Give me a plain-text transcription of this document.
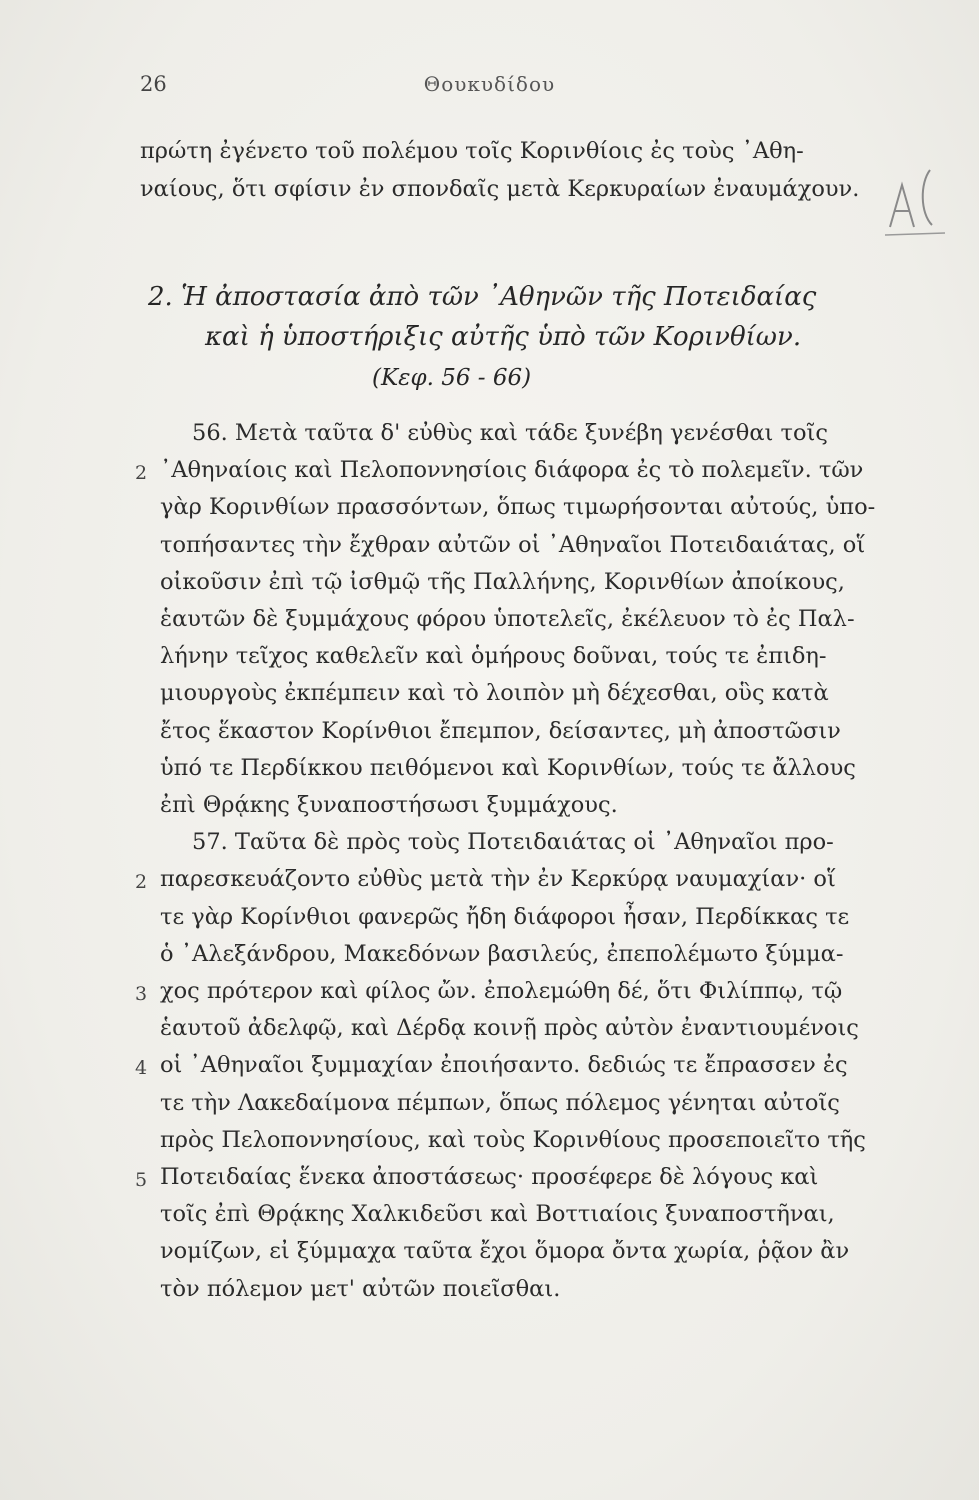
26	Θουκυδίδου
πρώτη ἐγένετο τοῦ πολέμου τοῖς Κορινθίοις ἐς τοὺς ᾿Αθη-
ναίους, ὅτι σφίσιν ἐν σπονδαῖς μετὰ Κερκυραίων ἐναυμάχουν.
2. Ἡ ἀποστασία ἀπὸ τῶν ᾿Αθηνῶν τῆς Ποτειδαίας
καὶ ἡ ὑποστήριξις αὐτῆς ὑπὸ τῶν Κορινθίων.
(Κεφ. 56 - 66)
56. Μετὰ ταῦτα δ' εὐθὺς καὶ τάδε ξυνέβη γενέσθαι τοῖς
2 ᾿Αθηναίοις καὶ Πελοποννησίοις διάφορα ἐς τὸ πολεμεῖν. τῶν
γὰρ Κορινθίων πρασσόντων, ὅπως τιμωρήσονται αὐτούς, ὑπο-
τοπήσαντες τὴν ἔχθραν αὐτῶν οἱ ᾿Αθηναῖοι Ποτειδαιάτας, οἵ
οἰκοῦσιν ἐπὶ τῷ ἰσθμῷ τῆς Παλλήνης, Κορινθίων ἀποίκους,
ἑαυτῶν δὲ ξυμμάχους φόρου ὑποτελεῖς, ἐκέλευον τὸ ἐς Παλ-
λήνην τεῖχος καθελεῖν καὶ ὁμήρους δοῦναι, τούς τε ἐπιδη-
μιουργοὺς ἐκπέμπειν καὶ τὸ λοιπὸν μὴ δέχεσθαι, οὓς κατὰ
ἔτος ἕκαστον Κορίνθιοι ἔπεμπον, δείσαντες, μὴ ἀποστῶσιν
ὑπό τε Περδίκκου πειθόμενοι καὶ Κορινθίων, τούς τε ἄλλους
ἐπὶ Θρᾴκης ξυναποστήσωσι ξυμμάχους.
57. Ταῦτα δὲ πρὸς τοὺς Ποτειδαιάτας οἱ ᾿Αθηναῖοι προ-
2 παρεσκευάζοντο εὐθὺς μετὰ τὴν ἐν Κερκύρᾳ ναυμαχίαν· οἵ
τε γὰρ Κορίνθιοι φανερῶς ἤδη διάφοροι ἦσαν, Περδίκκας τε
ὁ ᾿Αλεξάνδρου, Μακεδόνων βασιλεύς, ἐπεπολέμωτο ξύμμα-
3 χος πρότερον καὶ φίλος ὤν. ἐπολεμώθη δέ, ὅτι Φιλίππῳ, τῷ
ἑαυτοῦ ἀδελφῷ, καὶ Δέρδᾳ κοινῇ πρὸς αὐτὸν ἐναντιουμένοις
4 οἱ ᾿Αθηναῖοι ξυμμαχίαν ἐποιήσαντο. δεδιώς τε ἔπρασσεν ἐς
τε τὴν Λακεδαίμονα πέμπων, ὅπως πόλεμος γένηται αὐτοῖς
πρὸς Πελοποννησίους, καὶ τοὺς Κορινθίους προσεποιεῖτο τῆς
5 Ποτειδαίας ἕνεκα ἀποστάσεως· προσέφερε δὲ λόγους καὶ
τοῖς ἐπὶ Θρᾴκης Χαλκιδεῦσι καὶ Βοττιαίοις ξυναποστῆναι,
νομίζων, εἰ ξύμμαχα ταῦτα ἔχοι ὅμορα ὄντα χωρία, ῥᾷον ἂν
τὸν πόλεμον μετ' αὐτῶν ποιεῖσθαι.
